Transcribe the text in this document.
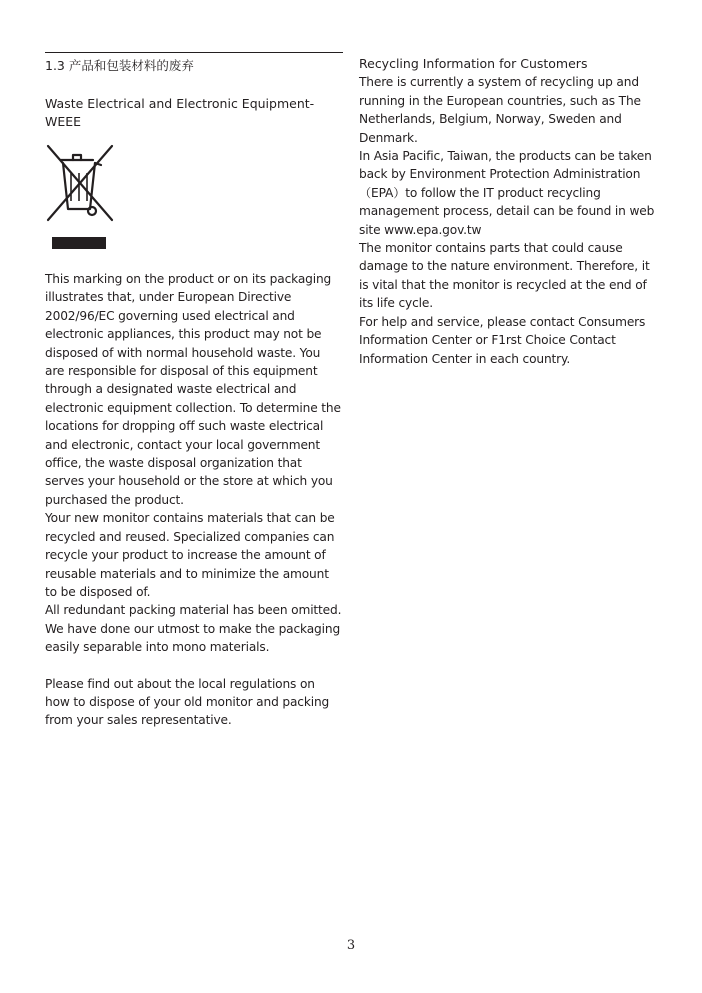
1.3 产品和包装材料的废弃
Waste Electrical and Electronic Equipment-WEEE

This marking on the product or on its packaging illustrates that, under European Directive 2002/96/EC governing used electrical and electronic appliances, this product may not be disposed of with normal household waste. You are responsible for disposal of this equipment through a designated waste electrical and electronic equipment collection. To determine the locations for dropping off such waste electrical and electronic, contact your local government office, the waste disposal organization that serves your household or the store at which you purchased the product.

Your new monitor contains materials that can be recycled and reused. Specialized companies can recycle your product to increase the amount of reusable materials and to minimize the amount to be disposed of.

All redundant packing material has been omitted. We have done our utmost to make the packaging easily separable into mono materials.

Please find out about the local regulations on how to dispose of your old monitor and packing from your sales representative.

Recycling Information for Customers

There is currently a system of recycling up and running in the European countries, such as The Netherlands, Belgium, Norway, Sweden and Denmark.

In Asia Pacific, Taiwan, the products can be taken back by Environment Protection Administration （EPA）to follow the IT product recycling management process, detail can be found in web site www.epa.gov.tw

The monitor contains parts that could cause damage to the nature environment. Therefore, it is vital that the monitor is recycled at the end of its life cycle.

For help and service, please contact Consumers Information Center or F1rst Choice Contact Information Center in each country.

3
